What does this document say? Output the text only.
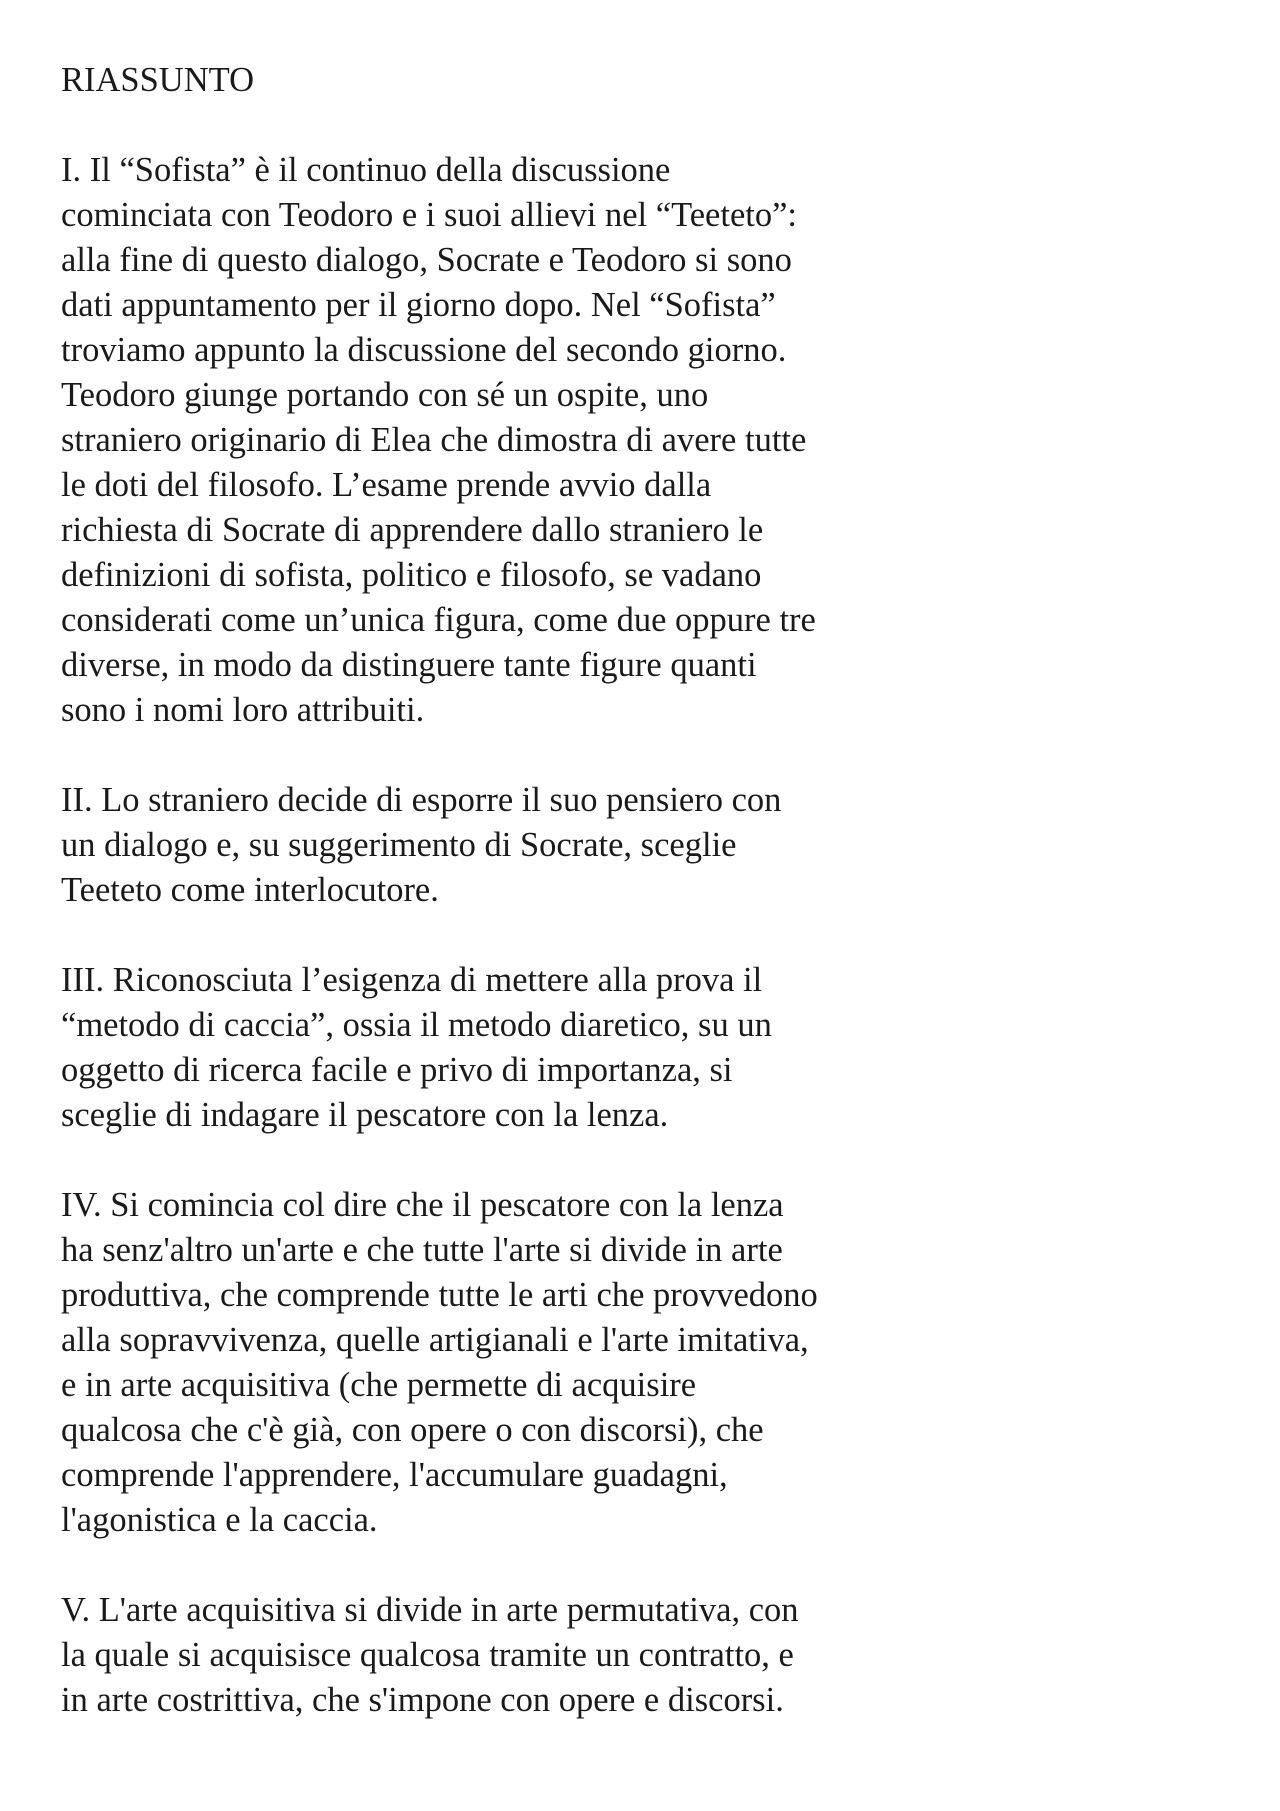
RIASSUNTO
I. Il “Sofista” è il continuo della discussione
cominciata con Teodoro e i suoi allievi nel “Teeteto”:
alla fine di questo dialogo, Socrate e Teodoro si sono
dati appuntamento per il giorno dopo. Nel “Sofista”
troviamo appunto la discussione del secondo giorno.
Teodoro giunge portando con sé un ospite, uno
straniero originario di Elea che dimostra di avere tutte
le doti del filosofo. L’esame prende avvio dalla
richiesta di Socrate di apprendere dallo straniero le
definizioni di sofista, politico e filosofo, se vadano
considerati come un’unica figura, come due oppure tre
diverse, in modo da distinguere tante figure quanti
sono i nomi loro attribuiti.
II. Lo straniero decide di esporre il suo pensiero con
un dialogo e, su suggerimento di Socrate, sceglie
Teeteto come interlocutore.
III. Riconosciuta l’esigenza di mettere alla prova il
“metodo di caccia”, ossia il metodo diaretico, su un
oggetto di ricerca facile e privo di importanza, si
sceglie di indagare il pescatore con la lenza.
IV. Si comincia col dire che il pescatore con la lenza
ha senz'altro un'arte e che tutte l'arte si divide in arte
produttiva, che comprende tutte le arti che provvedono
alla sopravvivenza, quelle artigianali e l'arte imitativa,
e in arte acquisitiva (che permette di acquisire
qualcosa che c'è già, con opere o con discorsi), che
comprende l'apprendere, l'accumulare guadagni,
l'agonistica e la caccia.
V. L'arte acquisitiva si divide in arte permutativa, con
la quale si acquisisce qualcosa tramite un contratto, e
in arte costrittiva, che s'impone con opere e discorsi.
